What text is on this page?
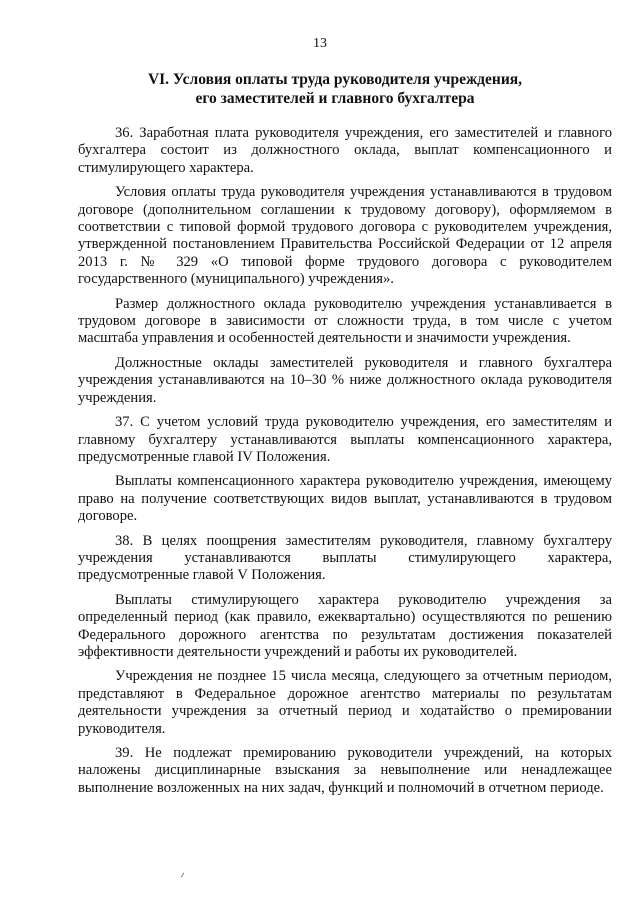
13
VI. Условия оплаты труда руководителя учреждения,
его заместителей и главного бухгалтера

36. Заработная плата руководителя учреждения, его заместителей и главного бухгалтера состоит из должностного оклада, выплат компенсационного и стимулирующего характера.

Условия оплаты труда руководителя учреждения устанавливаются в трудовом договоре (дополнительном соглашении к трудовому договору), оформляемом в соответствии с типовой формой трудового договора с руководителем учреждения, утвержденной постановлением Правительства Российской Федерации от 12 апреля 2013 г. № 329 «О типовой форме трудового договора с руководителем государственного (муниципального) учреждения».

Размер должностного оклада руководителю учреждения устанавливается в трудовом договоре в зависимости от сложности труда, в том числе с учетом масштаба управления и особенностей деятельности и значимости учреждения.

Должностные оклады заместителей руководителя и главного бухгалтера учреждения устанавливаются на 10–30 % ниже должностного оклада руководителя учреждения.

37. С учетом условий труда руководителю учреждения, его заместителям и главному бухгалтеру устанавливаются выплаты компенсационного характера, предусмотренные главой IV Положения.

Выплаты компенсационного характера руководителю учреждения, имеющему право на получение соответствующих видов выплат, устанавливаются в трудовом договоре.

38. В целях поощрения заместителям руководителя, главному бухгалтеру учреждения устанавливаются выплаты стимулирующего характера, предусмотренные главой V Положения.

Выплаты стимулирующего характера руководителю учреждения за определенный период (как правило, ежеквартально) осуществляются по решению Федерального дорожного агентства по результатам достижения показателей эффективности деятельности учреждений и работы их руководителей.

Учреждения не позднее 15 числа месяца, следующего за отчетным периодом, представляют в Федеральное дорожное агентство материалы по результатам деятельности учреждения за отчетный период и ходатайство о премировании руководителя.

39. Не подлежат премированию руководители учреждений, на которых наложены дисциплинарные взыскания за невыполнение или ненадлежащее выполнение возложенных на них задач, функций и полномочий в отчетном периоде.
